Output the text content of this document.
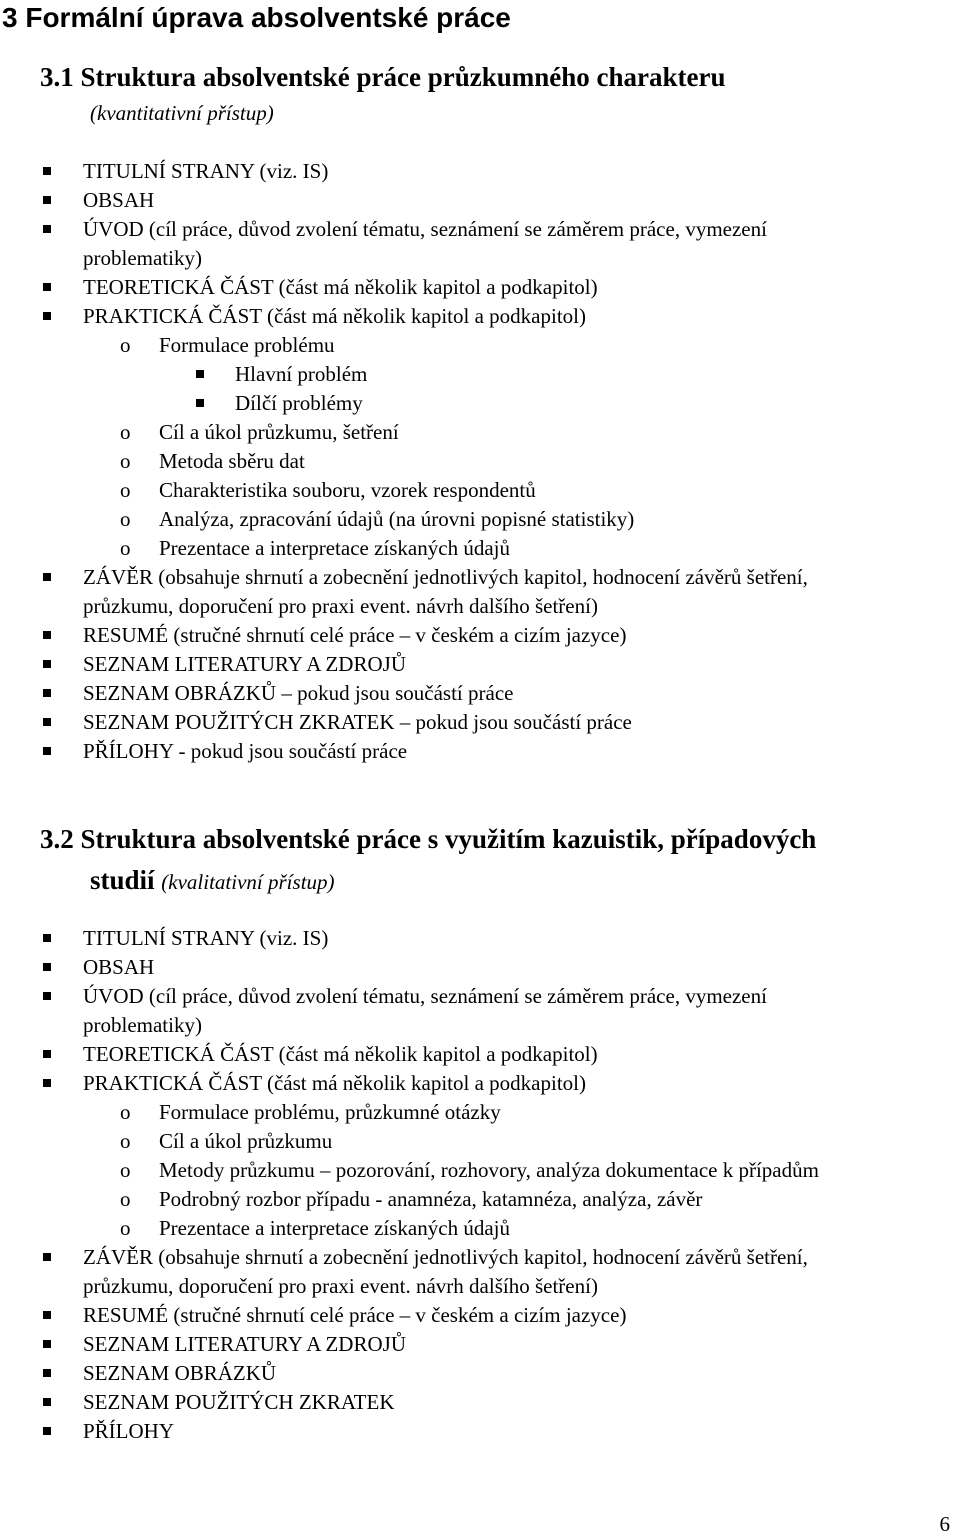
3 Formální úprava absolventské práce
3.1 Struktura absolventské práce průzkumného charakteru
(kvantitativní přístup)
TITULNÍ STRANY (viz. IS)
OBSAH
ÚVOD (cíl práce, důvod zvolení tématu, seznámení se záměrem práce, vymezení
problematiky)
TEORETICKÁ ČÁST (část má několik kapitol a podkapitol)
PRAKTICKÁ ČÁST (část má několik kapitol a podkapitol)
o Formulace problému
Hlavní problém
Dílčí problémy
o Cíl a úkol průzkumu, šetření
o Metoda sběru dat
o Charakteristika souboru, vzorek respondentů
o Analýza, zpracování údajů (na úrovni popisné statistiky)
o Prezentace a interpretace získaných údajů
ZÁVĚR (obsahuje shrnutí a zobecnění jednotlivých kapitol, hodnocení závěrů šetření,
průzkumu, doporučení pro praxi event. návrh dalšího šetření)
RESUMÉ (stručné shrnutí celé práce – v českém a cizím jazyce)
SEZNAM LITERATURY A ZDROJŮ
SEZNAM OBRÁZKŮ – pokud jsou součástí práce
SEZNAM POUŽITÝCH ZKRATEK – pokud jsou součástí práce
PŘÍLOHY - pokud jsou součástí práce
3.2 Struktura absolventské práce s využitím kazuistik, případových
studií (kvalitativní přístup)
TITULNÍ STRANY (viz. IS)
OBSAH
ÚVOD (cíl práce, důvod zvolení tématu, seznámení se záměrem práce, vymezení
problematiky)
TEORETICKÁ ČÁST (část má několik kapitol a podkapitol)
PRAKTICKÁ ČÁST (část má několik kapitol a podkapitol)
o Formulace problému, průzkumné otázky
o Cíl a úkol průzkumu
o Metody průzkumu – pozorování, rozhovory, analýza dokumentace k případům
o Podrobný rozbor případu - anamnéza, katamnéza, analýza, závěr
o Prezentace a interpretace získaných údajů
ZÁVĚR (obsahuje shrnutí a zobecnění jednotlivých kapitol, hodnocení závěrů šetření,
průzkumu, doporučení pro praxi event. návrh dalšího šetření)
RESUMÉ (stručné shrnutí celé práce – v českém a cizím jazyce)
SEZNAM LITERATURY A ZDROJŮ
SEZNAM OBRÁZKŮ
SEZNAM POUŽITÝCH ZKRATEK
PŘÍLOHY
6
